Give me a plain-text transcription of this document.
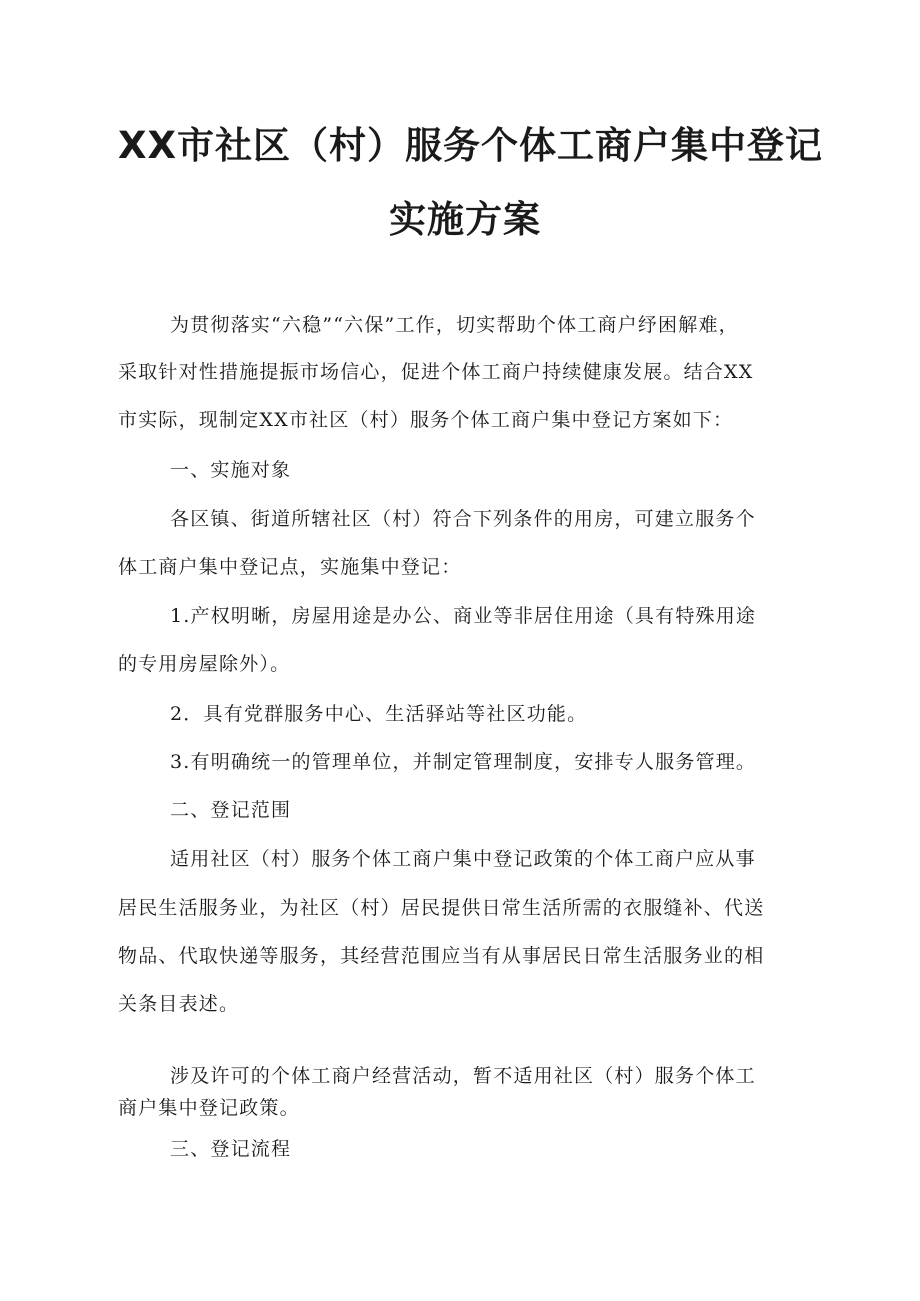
XX市社区（村）服务个体工商户集中登记
实施方案

为贯彻落实“六稳”“六保”工作，切实帮助个体工商户纾困解难，

采取针对性措施提振市场信心，促进个体工商户持续健康发展。结合XX

市实际，现制定XX市社区（村）服务个体工商户集中登记方案如下：

一、实施对象

各区镇、街道所辖社区（村）符合下列条件的用房，可建立服务个

体工商户集中登记点，实施集中登记：

1.产权明晰，房屋用途是办公、商业等非居住用途（具有特殊用途

的专用房屋除外）。

2．具有党群服务中心、生活驿站等社区功能。

3.有明确统一的管理单位，并制定管理制度，安排专人服务管理。

二、登记范围

适用社区（村）服务个体工商户集中登记政策的个体工商户应从事

居民生活服务业，为社区（村）居民提供日常生活所需的衣服缝补、代送

物品、代取快递等服务，其经营范围应当有从事居民日常生活服务业的相

关条目表述。

涉及许可的个体工商户经营活动，暂不适用社区（村）服务个体工

商户集中登记政策。

三、登记流程
